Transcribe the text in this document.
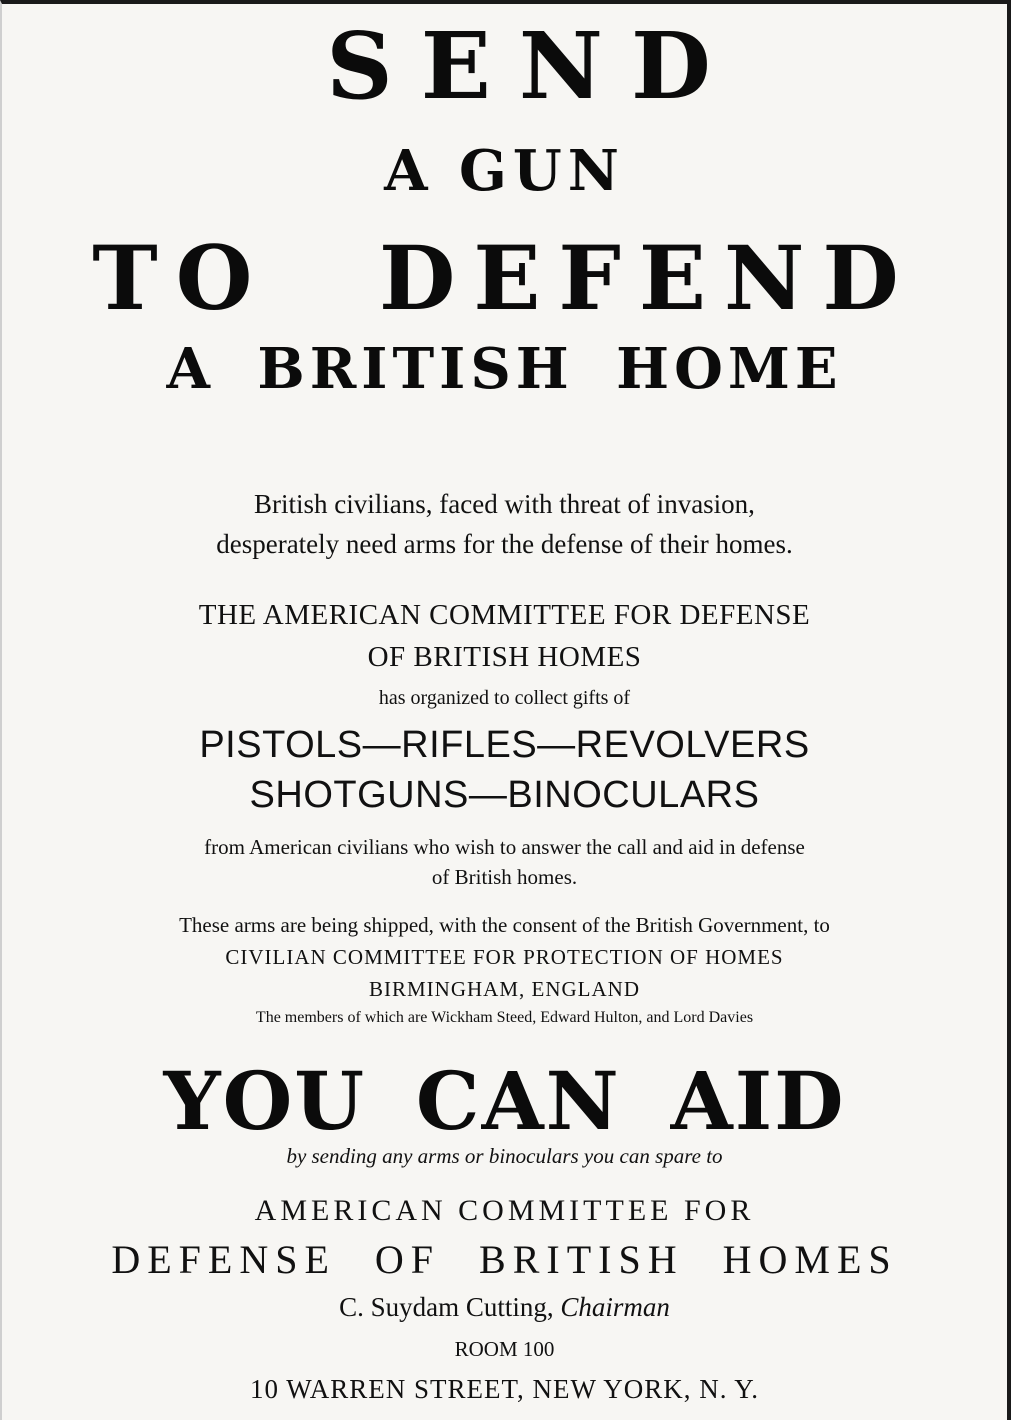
SEND
A GUN
TO DEFEND
A BRITISH HOME
British civilians, faced with threat of invasion,
desperately need arms for the defense of their homes.
THE AMERICAN COMMITTEE FOR DEFENSE
OF BRITISH HOMES
has organized to collect gifts of
PISTOLS—RIFLES—REVOLVERS
SHOTGUNS—BINOCULARS
from American civilians who wish to answer the call and aid in defense
of British homes.
These arms are being shipped, with the consent of the British Government, to
CIVILIAN COMMITTEE FOR PROTECTION OF HOMES
BIRMINGHAM, ENGLAND
The members of which are Wickham Steed, Edward Hulton, and Lord Davies
YOU CAN AID
by sending any arms or binoculars you can spare to
AMERICAN COMMITTEE FOR
DEFENSE OF BRITISH HOMES
C. Suydam Cutting, Chairman
ROOM 100
10 WARREN STREET, NEW YORK, N. Y.
